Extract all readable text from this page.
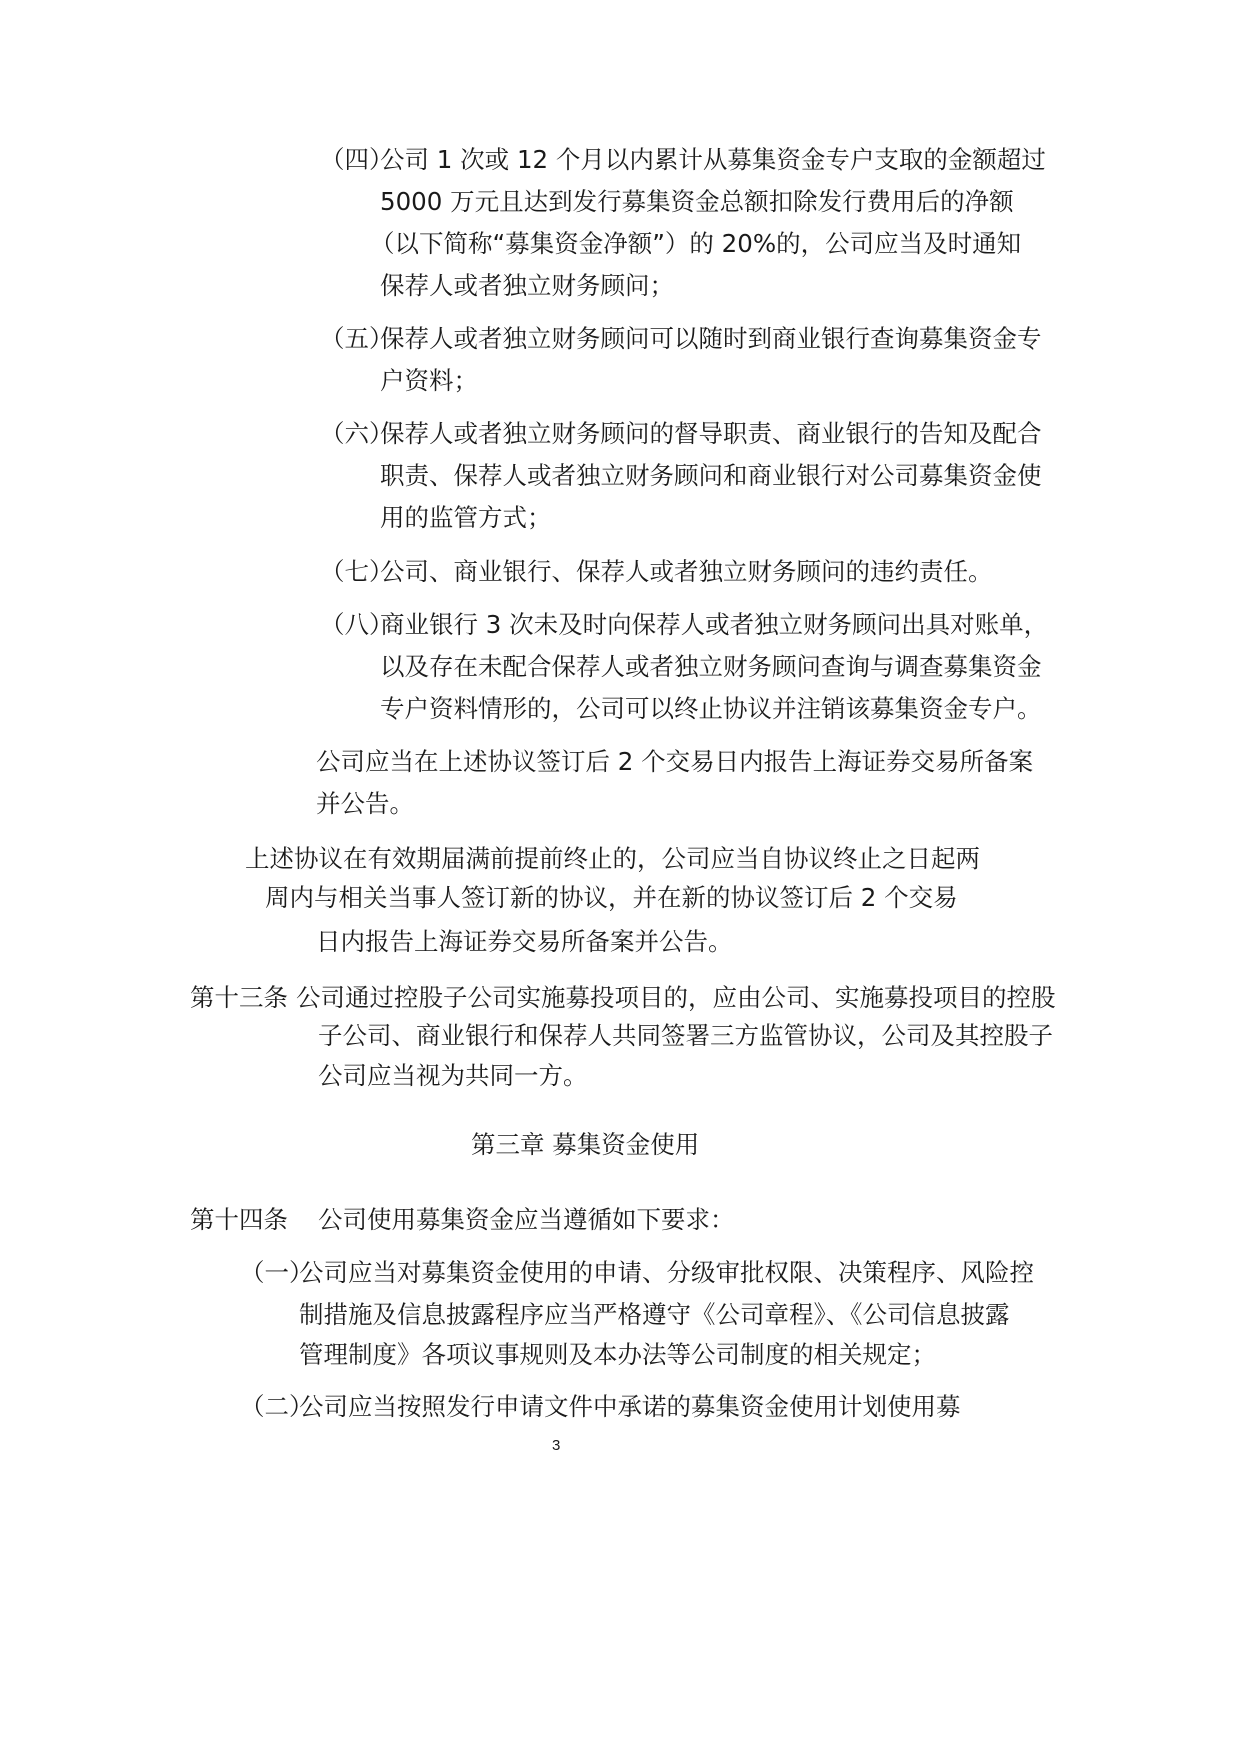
（四）
公司 1 次或 12 个月以内累计从募集资金专户支取的金额超过
5000 万元且达到发行募集资金总额扣除发行费用后的净额
（以下简称“募集资金净额”）的 20%的，公司应当及时通知
保荐人或者独立财务顾问；
（五）
保荐人或者独立财务顾问可以随时到商业银行查询募集资金专
户资料；
（六）
保荐人或者独立财务顾问的督导职责、商业银行的告知及配合
职责、保荐人或者独立财务顾问和商业银行对公司募集资金使
用的监管方式；
（七）
公司、商业银行、保荐人或者独立财务顾问的违约责任。
（八）
商业银行 3 次未及时向保荐人或者独立财务顾问出具对账单，
以及存在未配合保荐人或者独立财务顾问查询与调查募集资金
专户资料情形的，公司可以终止协议并注销该募集资金专户。
公司应当在上述协议签订后 2 个交易日内报告上海证券交易所备案
并公告。
上述协议在有效期届满前提前终止的，公司应当自协议终止之日起两
周内与相关当事人签订新的协议，并在新的协议签订后 2 个交易
日内报告上海证券交易所备案并公告。
第十三条 公司通过控股子公司实施募投项目的，应由公司、实施募投项目的控股
子公司、商业银行和保荐人共同签署三方监管协议，公司及其控股子
公司应当视为共同一方。
第三章 募集资金使用
第十四条 公司使用募集资金应当遵循如下要求：
（一）
公司应当对募集资金使用的申请、分级审批权限、决策程序、风险控
制措施及信息披露程序应当严格遵守《公司章程》、《公司信息披露
管理制度》各项议事规则及本办法等公司制度的相关规定；
（二）
公司应当按照发行申请文件中承诺的募集资金使用计划使用募
3
